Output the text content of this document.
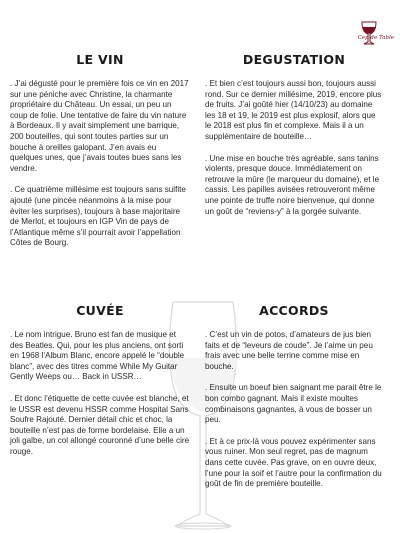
Cep de Table
LE VIN

. J’ai dégusté pour le première fois ce vin en 2017 sur une péniche avec Christine, la charmante propriétaire du Château. Un essai, un peu un coup de folie. Une tentative de faire du vin nature à Bordeaux. Il y avait simplement une barrique, 200 bouteilles, qui sont toutes parties sur un bouche à oreilles galopant. J’en avais eu quelques unes, que j’avais toutes bues sans les vendre.

. Ce quatrième millésime est toujours sans sulfite ajouté (une pincée néanmoins à la mise pour éviter les surprises), toujours à base majoritaire de Merlot, et toujours en IGP Vin de pays de l’Atlantique même s’il pourrait avoir l’appellation Côtes de Bourg.

DEGUSTATION

. Et bien c’est toujours aussi bon, toujours aussi rond. Sur ce dernier millésime, 2019, encore plus de fruits. J’ai goûté hier (14/10/23) au domaine les 18 et 19, le 2019 est plus explosif, alors que le 2018 est plus fin et complexe. Mais il a un supplémentaire de bouteille…

. Une mise en bouche très agréable, sans tanins violents, presque douce. Immédiatement on retrouve la mûre (le marqueur du domaine), et le cassis. Les papilles avisées retrouveront même une pointe de truffe noire bienvenue, qui donne un goût de “reviens-y” à la gorgée suivante.

CUVÉE

. Le nom intrigue. Bruno est fan de musique et des Beatles. Qui, pour les plus anciens, ont sorti en 1968 l’Album Blanc, encore appelé le “double blanc”, avec des titres comme While My Guitar Gently Weeps ou… Back in USSR…

. Et donc l’étiquette de cette cuvée est blanche, et le USSR est devenu HSSR comme Hospital Sans Soufre Rajouté. Dernier détail chic et choc, la bouteille n’est pas de forme bordelaise. Elle a un joli galbe, un col allongé couronné d’une belle cire rouge.

ACCORDS

. C’est un vin de potos, d’amateurs de jus bien faits et de “leveurs de coude”. Je l’aime un peu frais avec une belle terrine comme mise en bouche.

. Ensuite un boeuf bien saignant me parait être le bon combo gagnant. Mais il existe moultes combinaisons gagnantes, à vous de bosser un peu.

. Et à ce prix-là vous pouvez expérimenter sans vous ruiner. Mon seul regret, pas de magnum dans cette cuvée. Pas grave, on en ouvre deux, l’une pour la soif et l’autre pour la confirmation du goût de fin de première bouteille.
